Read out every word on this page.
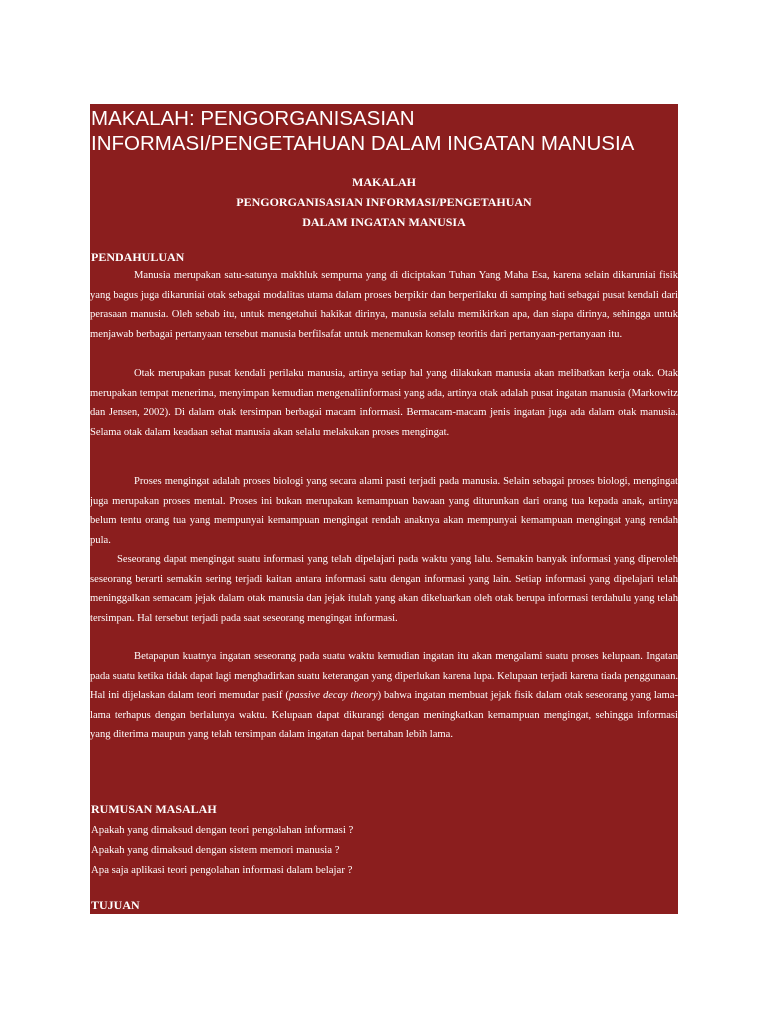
MAKALAH: PENGORGANISASIAN
INFORMASI/PENGETAHUAN DALAM INGATAN MANUSIA
MAKALAH
PENGORGANISASIAN INFORMASI/PENGETAHUAN
DALAM INGATAN MANUSIA
A. PENDAHULUAN

Manusia merupakan satu-satunya makhluk sempurna yang di diciptakan Tuhan Yang Maha Esa, karena selain dikaruniai fisik yang bagus juga dikaruniai otak sebagai modalitas utama dalam proses berpikir dan berperilaku di samping hati sebagai pusat kendali dari perasaan manusia. Oleh sebab itu, untuk mengetahui hakikat dirinya, manusia selalu memikirkan apa, dan siapa dirinya, sehingga untuk menjawab berbagai pertanyaan tersebut manusia berfilsafat untuk menemukan konsep teoritis dari pertanyaan-pertanyaan itu.

Otak merupakan pusat kendali perilaku manusia, artinya setiap hal yang dilakukan manusia akan melibatkan kerja otak. Otak merupakan tempat menerima, menyimpan kemudian mengenaliinformasi yang ada, artinya otak adalah pusat ingatan manusia (Markowitz dan Jensen, 2002). Di dalam otak tersimpan berbagai macam informasi. Bermacam-macam jenis ingatan juga ada dalam otak manusia. Selama otak dalam keadaan sehat manusia akan selalu melakukan proses mengingat.

Proses mengingat adalah proses biologi yang secara alami pasti terjadi pada manusia. Selain sebagai proses biologi, mengingat juga merupakan proses mental. Proses ini bukan merupakan kemampuan bawaan yang diturunkan dari orang tua kepada anak, artinya belum tentu orang tua yang mempunyai kemampuan mengingat rendah anaknya akan mempunyai kemampuan mengingat yang rendah pula.

Seseorang dapat mengingat suatu informasi yang telah dipelajari pada waktu yang lalu. Semakin banyak informasi yang diperoleh seseorang berarti semakin sering terjadi kaitan antara informasi satu dengan informasi yang lain. Setiap informasi yang dipelajari telah meninggalkan semacam jejak dalam otak manusia dan jejak itulah yang akan dikeluarkan oleh otak berupa informasi terdahulu yang telah tersimpan. Hal tersebut terjadi pada saat seseorang mengingat informasi.

Betapapun kuatnya ingatan seseorang pada suatu waktu kemudian ingatan itu akan mengalami suatu proses kelupaan. Ingatan pada suatu ketika tidak dapat lagi menghadirkan suatu keterangan yang diperlukan karena lupa. Kelupaan terjadi karena tiada penggunaan. Hal ini dijelaskan dalam teori memudar pasif (passive decay theory) bahwa ingatan membuat jejak fisik dalam otak seseorang yang lama-lama terhapus dengan berlalunya waktu. Kelupaan dapat dikurangi dengan meningkatkan kemampuan mengingat, sehingga informasi yang diterima maupun yang telah tersimpan dalam ingatan dapat bertahan lebih lama.

B. RUMUSAN MASALAH
1. Apakah yang dimaksud dengan teori pengolahan informasi ?
2. Apakah yang dimaksud dengan sistem memori manusia ?
3. Apa saja aplikasi teori pengolahan informasi dalam belajar ?
C. TUJUAN
